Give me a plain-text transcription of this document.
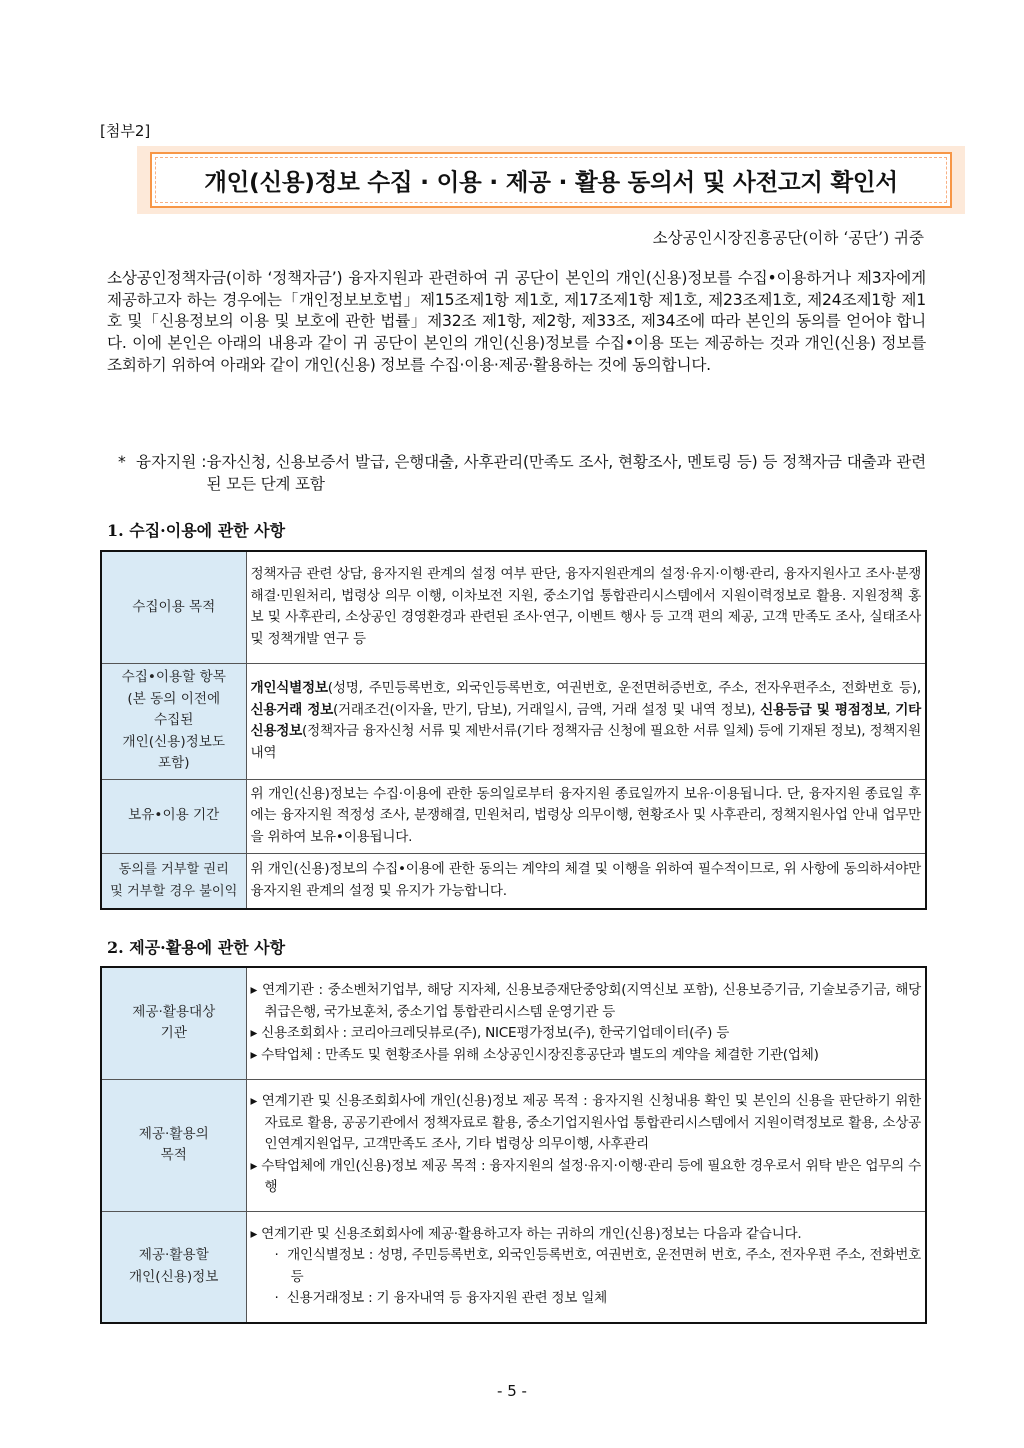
[첨부2]
개인(신용)정보 수집 · 이용 · 제공 · 활용 동의서 및 사전고지 확인서
소상공인시장진흥공단(이하 ‘공단’) 귀중
소상공인정책자금(이하 ‘정책자금’) 융자지원과 관련하여 귀 공단이 본인의 개인(신용)정보를 수집•이용하거나 제3자에게 제공하고자 하는 경우에는「개인정보보호법」제15조제1항 제1호, 제17조제1항 제1호, 제23조제1호, 제24조제1항 제1호 및「신용정보의 이용 및 보호에 관한 법률」제32조 제1항, 제2항, 제33조, 제34조에 따라 본인의 동의를 얻어야 합니다. 이에 본인은 아래의 내용과 같이 귀 공단이 본인의 개인(신용)정보를 수집•이용 또는 제공하는 것과 개인(신용) 정보를 조회하기 위하여 아래와 같이 개인(신용) 정보를 수집·이용·제공·활용하는 것에 동의합니다.
* 융자지원 : 융자신청, 신용보증서 발급, 은행대출, 사후관리(만족도 조사, 현황조사, 멘토링 등) 등 정책자금 대출과 관련된 모든 단계 포함
1. 수집·이용에 관한 사항
수집이용 목적	정책자금 관련 상담, 융자지원 관계의 설정 여부 판단, 융자지원관계의 설정·유지·이행·관리, 융자지원사고 조사·분쟁해결·민원처리, 법령상 의무 이행, 이차보전 지원, 중소기업 통합관리시스템에서 지원이력정보로 활용. 지원정책 홍보 및 사후관리, 소상공인 경영환경과 관련된 조사·연구, 이벤트 행사 등 고객 편의 제공, 고객 만족도 조사, 실태조사 및 정책개발 연구 등
수집•이용할 항목
(본 동의 이전에
수집된
개인(신용)정보도
포함)	개인식별정보(성명, 주민등록번호, 외국인등록번호, 여권번호, 운전면허증번호, 주소, 전자우편주소, 전화번호 등), 신용거래 정보(거래조건(이자율, 만기, 담보), 거래일시, 금액, 거래 설정 및 내역 정보), 신용등급 및 평점정보, 기타신용정보(정책자금 융자신청 서류 및 제반서류(기타 정책자금 신청에 필요한 서류 일체) 등에 기재된 정보), 정책지원내역
보유•이용 기간	위 개인(신용)정보는 수집·이용에 관한 동의일로부터 융자지원 종료일까지 보유·이용됩니다. 단, 융자지원 종료일 후에는 융자지원 적정성 조사, 분쟁해결, 민원처리, 법령상 의무이행, 현황조사 및 사후관리, 정책지원사업 안내 업무만을 위하여 보유•이용됩니다.
동의를 거부할 권리
및 거부할 경우 불이익	위 개인(신용)정보의 수집•이용에 관한 동의는 계약의 체결 및 이행을 위하여 필수적이므로, 위 사항에 동의하셔야만 융자지원 관계의 설정 및 유지가 가능합니다.
2. 제공·활용에 관한 사항
제공·활용대상
기관	▸ 연계기관 : 중소벤처기업부, 해당 지자체, 신용보증재단중앙회(지역신보 포함), 신용보증기금, 기술보증기금, 해당 취급은행, 국가보훈처, 중소기업 통합관리시스템 운영기관 등
▸ 신용조회회사 : 코리아크레딧뷰로(주), NICE평가정보(주), 한국기업데이터(주) 등
▸ 수탁업체 : 만족도 및 현황조사를 위해 소상공인시장진흥공단과 별도의 계약을 체결한 기관(업체)

제공·활용의
목적	▸ 연계기관 및 신용조회회사에 개인(신용)정보 제공 목적 : 융자지원 신청내용 확인 및 본인의 신용을 판단하기 위한 자료로 활용, 공공기관에서 정책자료로 활용, 중소기업지원사업 통합관리시스템에서 지원이력정보로 활용, 소상공인연계지원업무, 고객만족도 조사, 기타 법령상 의무이행, 사후관리
▸ 수탁업체에 개인(신용)정보 제공 목적 : 융자지원의 설정·유지·이행·관리 등에 필요한 경우로서 위탁 받은 업무의 수행

제공·활용할
개인(신용)정보	▸ 연계기관 및 신용조회회사에 제공·활용하고자 하는 귀하의 개인(신용)정보는 다음과 같습니다.
· 개인식별정보 : 성명, 주민등록번호, 외국인등록번호, 여권번호, 운전면허 번호, 주소, 전자우편 주소, 전화번호 등
· 신용거래정보 : 기 융자내역 등 융자지원 관련 정보 일체
- 5 -
